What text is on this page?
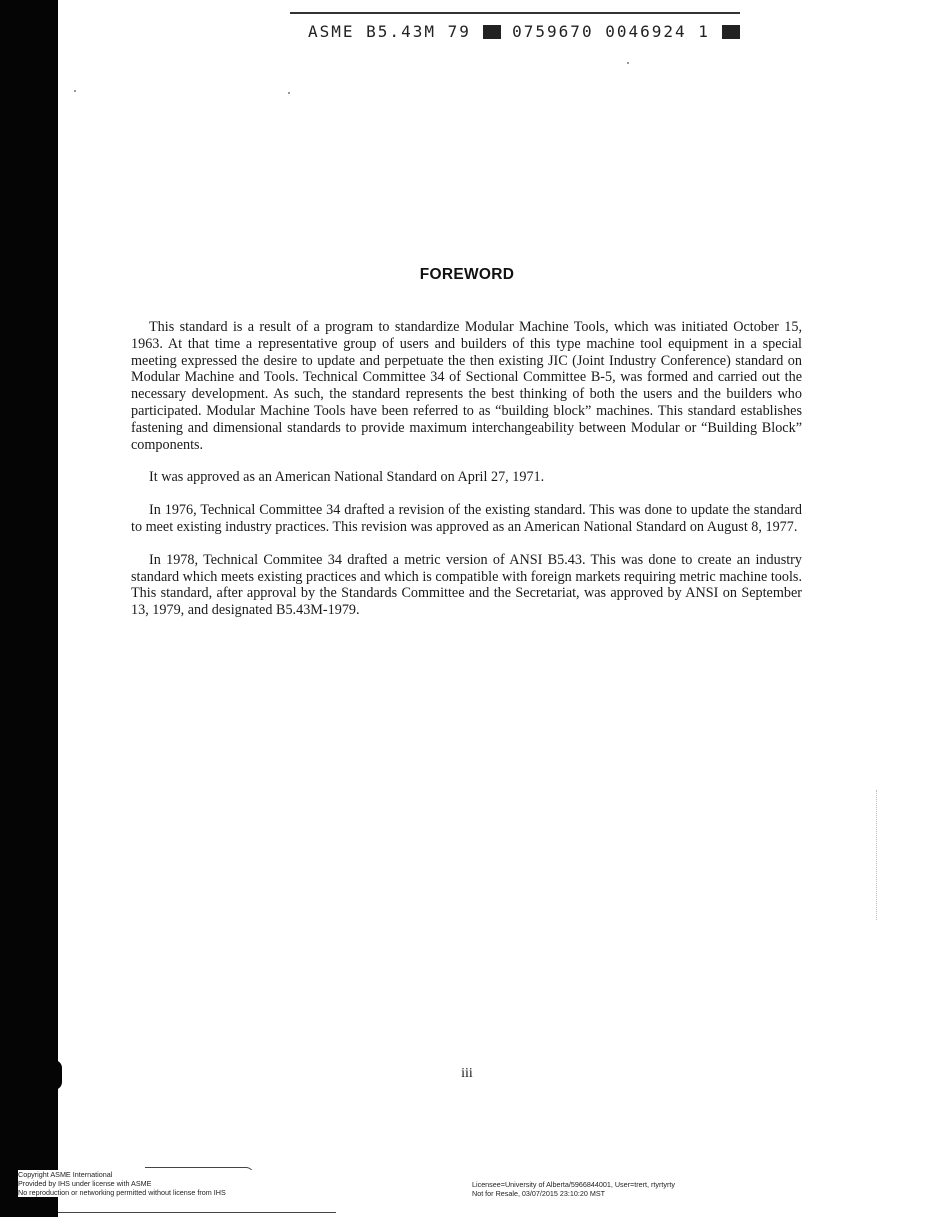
ASME B5.43M 79	0759670 0046924 1
FOREWORD

This standard is a result of a program to standardize Modular Machine Tools, which was initiated October 15, 1963. At that time a representative group of users and builders of this type machine tool equipment in a special meeting expressed the desire to update and perpetuate the then existing JIC (Joint Industry Conference) standard on Modular Machine and Tools. Technical Committee 34 of Sectional Committee B-5, was formed and carried out the necessary development. As such, the standard represents the best thinking of both the users and the builders who participated. Modular Machine Tools have been referred to as “building block” machines. This standard establishes fastening and dimensional standards to provide maximum interchangeability between Modular or “Building Block” components.

It was approved as an American National Standard on April 27, 1971.

In 1976, Technical Committee 34 drafted a revision of the existing standard. This was done to update the standard to meet existing industry practices. This revision was approved as an American National Standard on August 8, 1977.

In 1978, Technical Commitee 34 drafted a metric version of ANSI B5.43. This was done to create an industry standard which meets existing practices and which is compatible with foreign markets requiring metric machine tools. This standard, after approval by the Standards Committee and the Secretariat, was approved by ANSI on September 13, 1979, and designated B5.43M-1979.

iii
Copyright ASME International
Provided by IHS under license with ASME
No reproduction or networking permitted without license from IHS
Licensee=University of Alberta/5966844001, User=trert, rtyrtyrty
Not for Resale, 03/07/2015 23:10:20 MST
